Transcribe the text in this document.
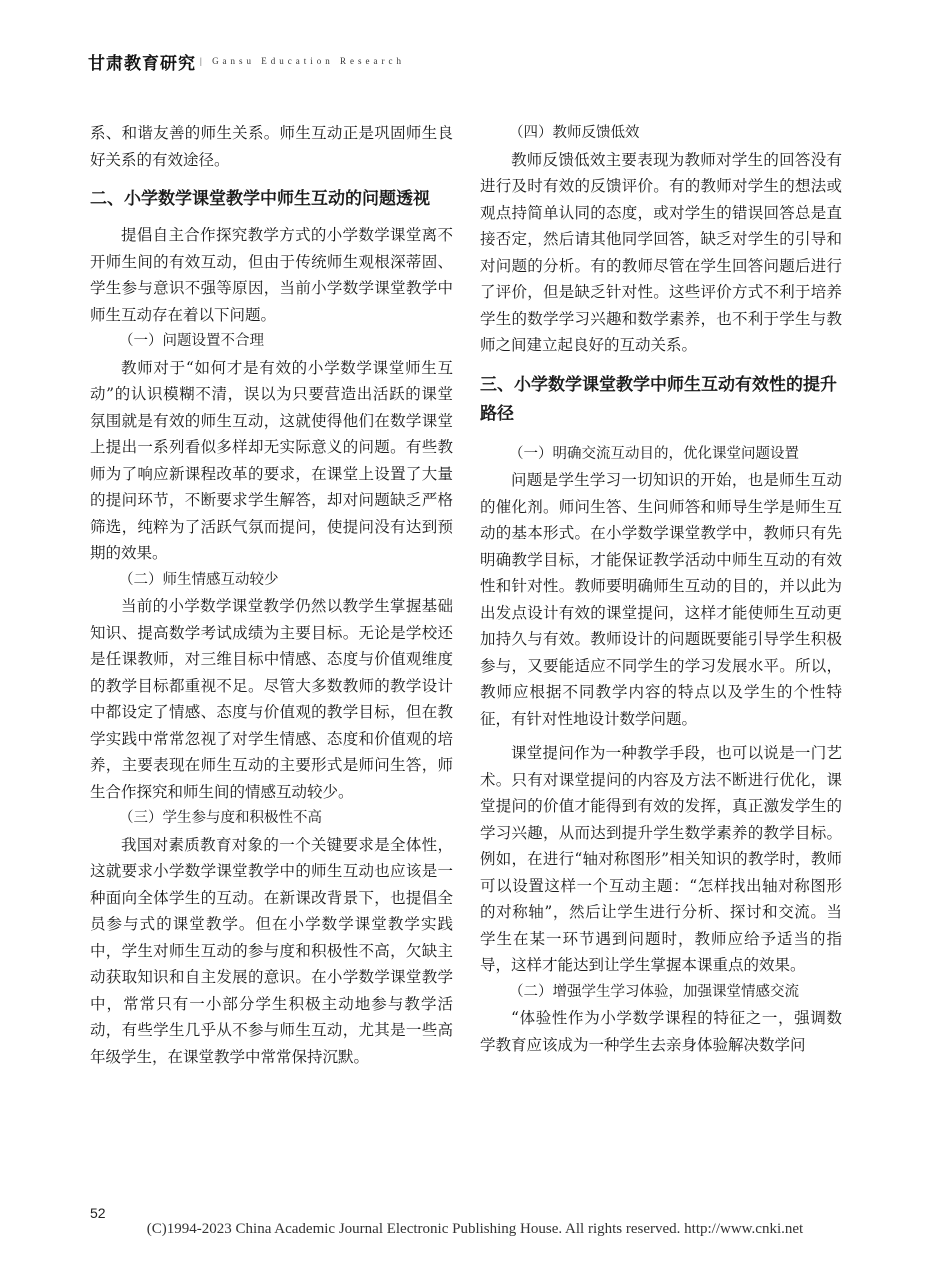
甘肃教育研究 | Gansu Education Research

系、和谐友善的师生关系。师生互动正是巩固师生良好关系的有效途径。

二、小学数学课堂教学中师生互动的问题透视

提倡自主合作探究教学方式的小学数学课堂离不开师生间的有效互动，但由于传统师生观根深蒂固、学生参与意识不强等原因，当前小学数学课堂教学中师生互动存在着以下问题。

（一）问题设置不合理

教师对于“如何才是有效的小学数学课堂师生互动”的认识模糊不清，误以为只要营造出活跃的课堂氛围就是有效的师生互动，这就使得他们在数学课堂上提出一系列看似多样却无实际意义的问题。有些教师为了响应新课程改革的要求，在课堂上设置了大量的提问环节，不断要求学生解答，却对问题缺乏严格筛选，纯粹为了活跃气氛而提问，使提问没有达到预期的效果。

（二）师生情感互动较少

当前的小学数学课堂教学仍然以教学生掌握基础知识、提高数学考试成绩为主要目标。无论是学校还是任课教师，对三维目标中情感、态度与价值观维度的教学目标都重视不足。尽管大多数教师的教学设计中都设定了情感、态度与价值观的教学目标，但在教学实践中常常忽视了对学生情感、态度和价值观的培养，主要表现在师生互动的主要形式是师问生答，师生合作探究和师生间的情感互动较少。

（三）学生参与度和积极性不高

我国对素质教育对象的一个关键要求是全体性，这就要求小学数学课堂教学中的师生互动也应该是一种面向全体学生的互动。在新课改背景下，也提倡全员参与式的课堂教学。但在小学数学课堂教学实践中，学生对师生互动的参与度和积极性不高，欠缺主动获取知识和自主发展的意识。在小学数学课堂教学中，常常只有一小部分学生积极主动地参与教学活动，有些学生几乎从不参与师生互动，尤其是一些高年级学生，在课堂教学中常常保持沉默。

（四）教师反馈低效

教师反馈低效主要表现为教师对学生的回答没有进行及时有效的反馈评价。有的教师对学生的想法或观点持简单认同的态度，或对学生的错误回答总是直接否定，然后请其他同学回答，缺乏对学生的引导和对问题的分析。有的教师尽管在学生回答问题后进行了评价，但是缺乏针对性。这些评价方式不利于培养学生的数学学习兴趣和数学素养，也不利于学生与教师之间建立起良好的互动关系。

三、小学数学课堂教学中师生互动有效性的提升路径
（一）明确交流互动目的，优化课堂问题设置

问题是学生学习一切知识的开始，也是师生互动的催化剂。师问生答、生问师答和师导生学是师生互动的基本形式。在小学数学课堂教学中，教师只有先明确教学目标，才能保证教学活动中师生互动的有效性和针对性。教师要明确师生互动的目的，并以此为出发点设计有效的课堂提问，这样才能使师生互动更加持久与有效。教师设计的问题既要能引导学生积极参与，又要能适应不同学生的学习发展水平。所以，教师应根据不同教学内容的特点以及学生的个性特征，有针对性地设计数学问题。

课堂提问作为一种教学手段，也可以说是一门艺术。只有对课堂提问的内容及方法不断进行优化，课堂提问的价值才能得到有效的发挥，真正激发学生的学习兴趣，从而达到提升学生数学素养的教学目标。例如，在进行“轴对称图形”相关知识的教学时，教师可以设置这样一个互动主题：“怎样找出轴对称图形的对称轴”，然后让学生进行分析、探讨和交流。当学生在某一环节遇到问题时，教师应给予适当的指导，这样才能达到让学生掌握本课重点的效果。

（二）增强学生学习体验，加强课堂情感交流

“体验性作为小学数学课程的特征之一，强调数学教育应该成为一种学生去亲身体验解决数学问

52
(C)1994-2023 China Academic Journal Electronic Publishing House. All rights reserved. http://www.cnki.net
